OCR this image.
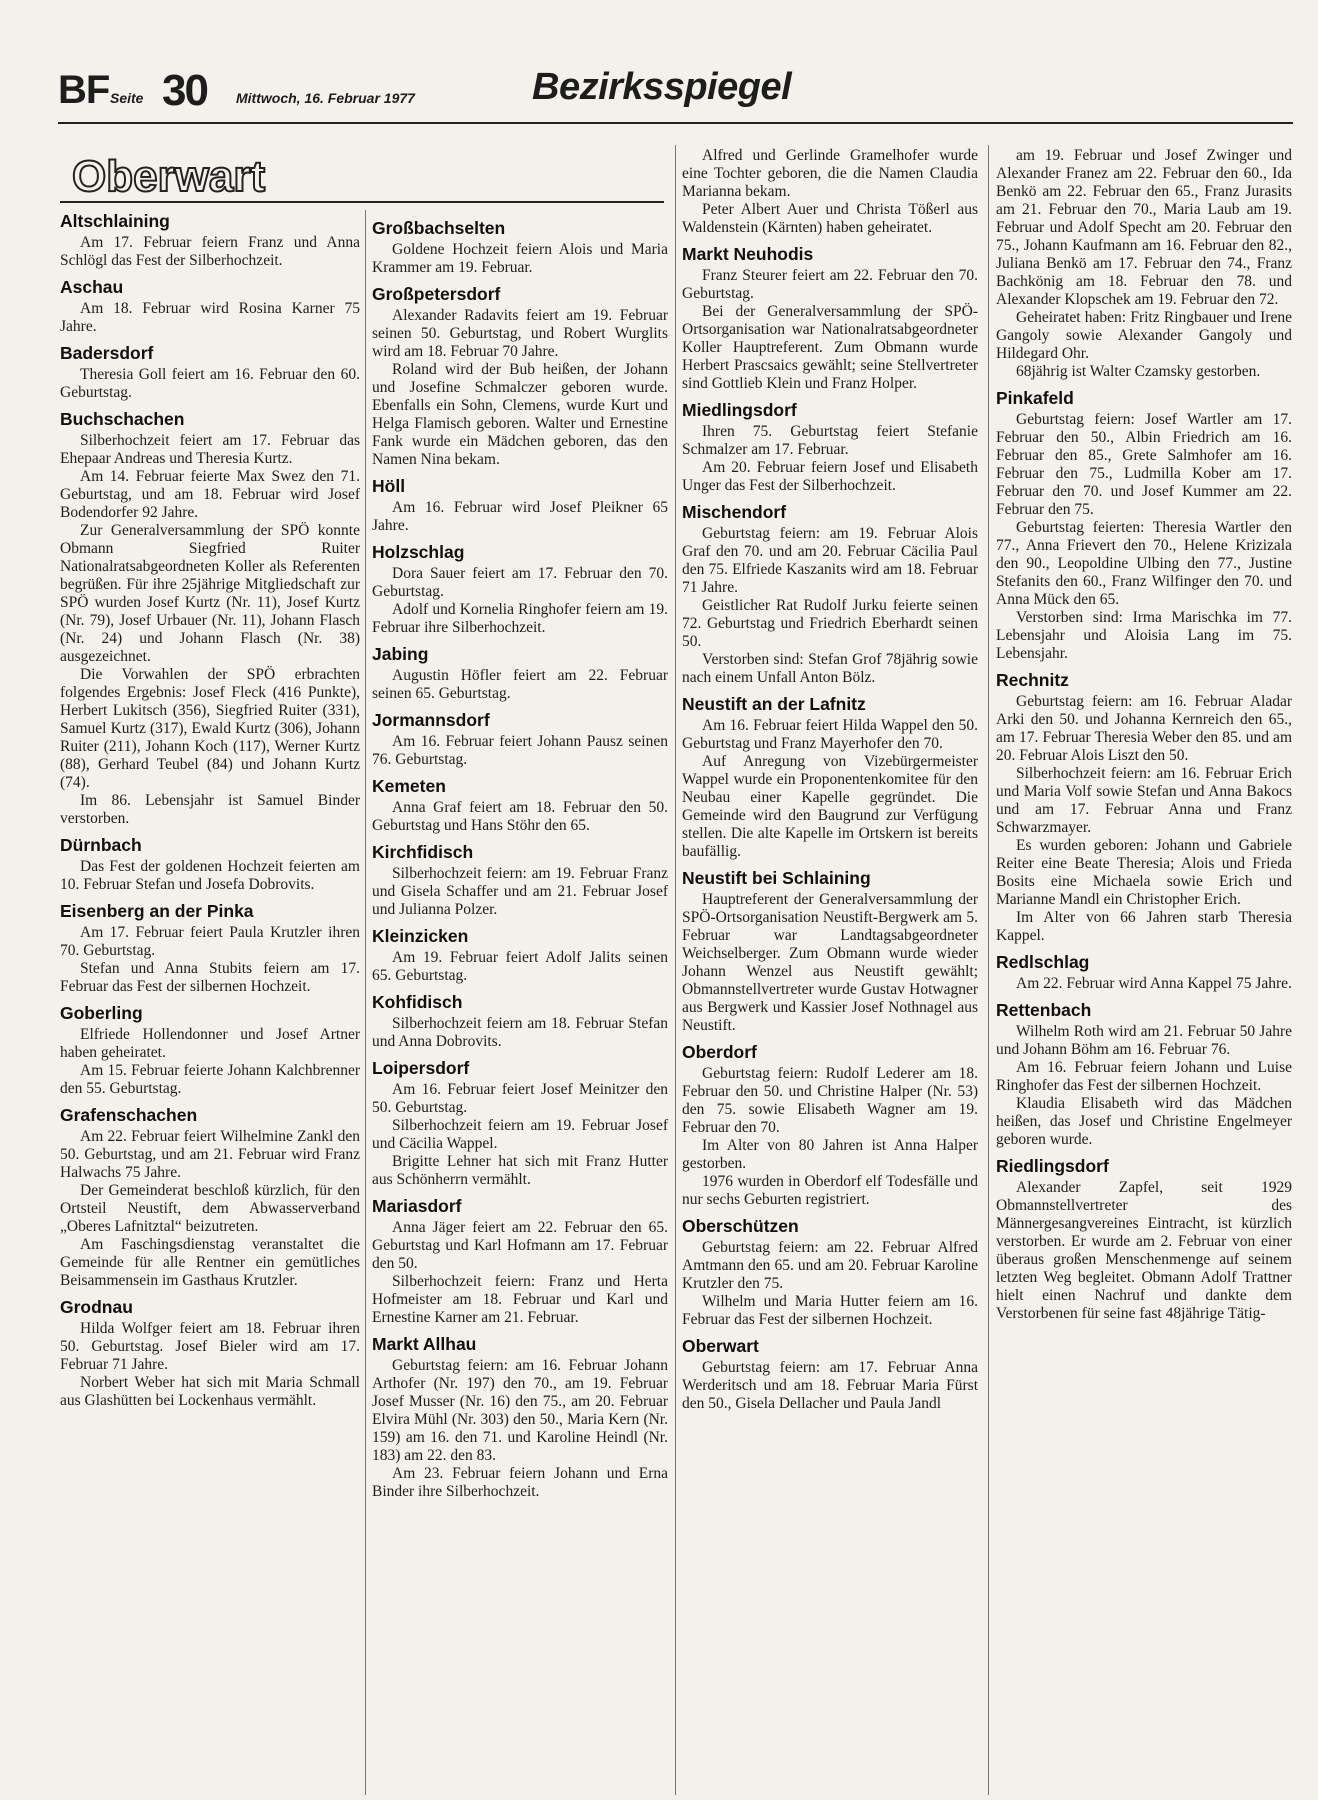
BF Seite 30 Mittwoch, 16. Februar 1977	Bezirksspiegel
Oberwart
Altschlaining

Am 17. Februar feiern Franz und Anna Schlögl das Fest der Silberhochzeit.

Aschau

Am 18. Februar wird Rosina Karner 75 Jahre.

Badersdorf

Theresia Goll feiert am 16. Februar den 60. Geburtstag.

Buchschachen

Silberhochzeit feiert am 17. Februar das Ehepaar Andreas und Theresia Kurtz.

Am 14. Februar feierte Max Swez den 71. Geburtstag, und am 18. Februar wird Josef Bodendorfer 92 Jahre.

Zur Generalversammlung der SPÖ konnte Obmann Siegfried Ruiter Nationalratsabgeordneten Koller als Referenten begrüßen. Für ihre 25jährige Mitgliedschaft zur SPÖ wurden Josef Kurtz (Nr. 11), Josef Kurtz (Nr. 79), Josef Urbauer (Nr. 11), Johann Flasch (Nr. 24) und Johann Flasch (Nr. 38) ausgezeichnet.

Die Vorwahlen der SPÖ erbrachten folgendes Ergebnis: Josef Fleck (416 Punkte), Herbert Lukitsch (356), Siegfried Ruiter (331), Samuel Kurtz (317), Ewald Kurtz (306), Johann Ruiter (211), Johann Koch (117), Werner Kurtz (88), Gerhard Teubel (84) und Johann Kurtz (74).

Im 86. Lebensjahr ist Samuel Binder verstorben.

Dürnbach

Das Fest der goldenen Hochzeit feierten am 10. Februar Stefan und Josefa Dobrovits.

Eisenberg an der Pinka

Am 17. Februar feiert Paula Krutzler ihren 70. Geburtstag.

Stefan und Anna Stubits feiern am 17. Februar das Fest der silbernen Hochzeit.

Goberling

Elfriede Hollendonner und Josef Artner haben geheiratet.

Am 15. Februar feierte Johann Kalchbrenner den 55. Geburtstag.

Grafenschachen

Am 22. Februar feiert Wilhelmine Zankl den 50. Geburtstag, und am 21. Februar wird Franz Halwachs 75 Jahre.

Der Gemeinderat beschloß kürzlich, für den Ortsteil Neustift, dem Abwasserverband „Oberes Lafnitztal“ beizutreten.

Am Faschingsdienstag veranstaltet die Gemeinde für alle Rentner ein gemütliches Beisammensein im Gasthaus Krutzler.

Grodnau

Hilda Wolfger feiert am 18. Februar ihren 50. Geburtstag. Josef Bieler wird am 17. Februar 71 Jahre.

Norbert Weber hat sich mit Maria Schmall aus Glashütten bei Lockenhaus vermählt.

Großbachselten

Goldene Hochzeit feiern Alois und Maria Krammer am 19. Februar.

Großpetersdorf

Alexander Radavits feiert am 19. Februar seinen 50. Geburtstag, und Robert Wurglits wird am 18. Februar 70 Jahre.

Roland wird der Bub heißen, der Johann und Josefine Schmalczer geboren wurde. Ebenfalls ein Sohn, Clemens, wurde Kurt und Helga Flamisch geboren. Walter und Ernestine Fank wurde ein Mädchen geboren, das den Namen Nina bekam.

Höll

Am 16. Februar wird Josef Pleikner 65 Jahre.

Holzschlag

Dora Sauer feiert am 17. Februar den 70. Geburtstag.

Adolf und Kornelia Ringhofer feiern am 19. Februar ihre Silberhochzeit.

Jabing

Augustin Höfler feiert am 22. Februar seinen 65. Geburtstag.

Jormannsdorf

Am 16. Februar feiert Johann Pausz seinen 76. Geburtstag.

Kemeten

Anna Graf feiert am 18. Februar den 50. Geburtstag und Hans Stöhr den 65.

Kirchfidisch

Silberhochzeit feiern: am 19. Februar Franz und Gisela Schaffer und am 21. Februar Josef und Julianna Polzer.

Kleinzicken

Am 19. Februar feiert Adolf Jalits seinen 65. Geburtstag.

Kohfidisch

Silberhochzeit feiern am 18. Februar Stefan und Anna Dobrovits.

Loipersdorf

Am 16. Februar feiert Josef Meinitzer den 50. Geburtstag.

Silberhochzeit feiern am 19. Februar Josef und Cäcilia Wappel.

Brigitte Lehner hat sich mit Franz Hutter aus Schönherrn vermählt.

Mariasdorf

Anna Jäger feiert am 22. Februar den 65. Geburtstag und Karl Hofmann am 17. Februar den 50.

Silberhochzeit feiern: Franz und Herta Hofmeister am 18. Februar und Karl und Ernestine Karner am 21. Februar.

Markt Allhau

Geburtstag feiern: am 16. Februar Johann Arthofer (Nr. 197) den 70., am 19. Februar Josef Musser (Nr. 16) den 75., am 20. Februar Elvira Mühl (Nr. 303) den 50., Maria Kern (Nr. 159) am 16. den 71. und Karoline Heindl (Nr. 183) am 22. den 83.

Am 23. Februar feiern Johann und Erna Binder ihre Silberhochzeit.

Alfred und Gerlinde Gramelhofer wurde eine Tochter geboren, die die Namen Claudia Marianna bekam.

Peter Albert Auer und Christa Tößerl aus Waldenstein (Kärnten) haben geheiratet.

Markt Neuhodis

Franz Steurer feiert am 22. Februar den 70. Geburtstag.

Bei der Generalversammlung der SPÖ-Ortsorganisation war Nationalratsabgeordneter Koller Hauptreferent. Zum Obmann wurde Herbert Prascsaics gewählt; seine Stellvertreter sind Gottlieb Klein und Franz Holper.

Miedlingsdorf

Ihren 75. Geburtstag feiert Stefanie Schmalzer am 17. Februar.

Am 20. Februar feiern Josef und Elisabeth Unger das Fest der Silberhochzeit.

Mischendorf

Geburtstag feiern: am 19. Februar Alois Graf den 70. und am 20. Februar Cäcilia Paul den 75. Elfriede Kaszanits wird am 18. Februar 71 Jahre.

Geistlicher Rat Rudolf Jurku feierte seinen 72. Geburtstag und Friedrich Eberhardt seinen 50.

Verstorben sind: Stefan Grof 78jährig sowie nach einem Unfall Anton Bölz.

Neustift an der Lafnitz

Am 16. Februar feiert Hilda Wappel den 50. Geburtstag und Franz Mayerhofer den 70.

Auf Anregung von Vizebürgermeister Wappel wurde ein Proponentenkomitee für den Neubau einer Kapelle gegründet. Die Gemeinde wird den Baugrund zur Verfügung stellen. Die alte Kapelle im Ortskern ist bereits baufällig.

Neustift bei Schlaining

Hauptreferent der Generalversammlung der SPÖ-Ortsorganisation Neustift-Bergwerk am 5. Februar war Landtagsabgeordneter Weichselberger. Zum Obmann wurde wieder Johann Wenzel aus Neustift gewählt; Obmannstellvertreter wurde Gustav Hotwagner aus Bergwerk und Kassier Josef Nothnagel aus Neustift.

Oberdorf

Geburtstag feiern: Rudolf Lederer am 18. Februar den 50. und Christine Halper (Nr. 53) den 75. sowie Elisabeth Wagner am 19. Februar den 70.

Im Alter von 80 Jahren ist Anna Halper gestorben.

1976 wurden in Oberdorf elf Todesfälle und nur sechs Geburten registriert.

Oberschützen

Geburtstag feiern: am 22. Februar Alfred Amtmann den 65. und am 20. Februar Karoline Krutzler den 75.

Wilhelm und Maria Hutter feiern am 16. Februar das Fest der silbernen Hochzeit.

Oberwart

Geburtstag feiern: am 17. Februar Anna Werderitsch und am 18. Februar Maria Fürst den 50., Gisela Dellacher und Paula Jandl

am 19. Februar und Josef Zwinger und Alexander Franez am 22. Februar den 60., Ida Benkö am 22. Februar den 65., Franz Jurasits am 21. Februar den 70., Maria Laub am 19. Februar und Adolf Specht am 20. Februar den 75., Johann Kaufmann am 16. Februar den 82., Juliana Benkö am 17. Februar den 74., Franz Bachkönig am 18. Februar den 78. und Alexander Klopschek am 19. Februar den 72.

Geheiratet haben: Fritz Ringbauer und Irene Gangoly sowie Alexander Gangoly und Hildegard Ohr.

68jährig ist Walter Czamsky gestorben.

Pinkafeld

Geburtstag feiern: Josef Wartler am 17. Februar den 50., Albin Friedrich am 16. Februar den 85., Grete Salmhofer am 16. Februar den 75., Ludmilla Kober am 17. Februar den 70. und Josef Kummer am 22. Februar den 75.

Geburtstag feierten: Theresia Wartler den 77., Anna Frievert den 70., Helene Krizizala den 90., Leopoldine Ulbing den 77., Justine Stefanits den 60., Franz Wilfinger den 70. und Anna Mück den 65.

Verstorben sind: Irma Marischka im 77. Lebensjahr und Aloisia Lang im 75. Lebensjahr.

Rechnitz

Geburtstag feiern: am 16. Februar Aladar Arki den 50. und Johanna Kernreich den 65., am 17. Februar Theresia Weber den 85. und am 20. Februar Alois Liszt den 50.

Silberhochzeit feiern: am 16. Februar Erich und Maria Volf sowie Stefan und Anna Bakocs und am 17. Februar Anna und Franz Schwarzmayer.

Es wurden geboren: Johann und Gabriele Reiter eine Beate Theresia; Alois und Frieda Bosits eine Michaela sowie Erich und Marianne Mandl ein Christopher Erich.

Im Alter von 66 Jahren starb Theresia Kappel.

Redlschlag

Am 22. Februar wird Anna Kappel 75 Jahre.

Rettenbach

Wilhelm Roth wird am 21. Februar 50 Jahre und Johann Böhm am 16. Februar 76.

Am 16. Februar feiern Johann und Luise Ringhofer das Fest der silbernen Hochzeit.

Klaudia Elisabeth wird das Mädchen heißen, das Josef und Christine Engelmeyer geboren wurde.

Riedlingsdorf

Alexander Zapfel, seit 1929 Obmannstellvertreter des Männergesangvereines Eintracht, ist kürzlich verstorben. Er wurde am 2. Februar von einer überaus großen Menschenmenge auf seinem letzten Weg begleitet. Obmann Adolf Trattner hielt einen Nachruf und dankte dem Verstorbenen für seine fast 48jährige Tätig-
